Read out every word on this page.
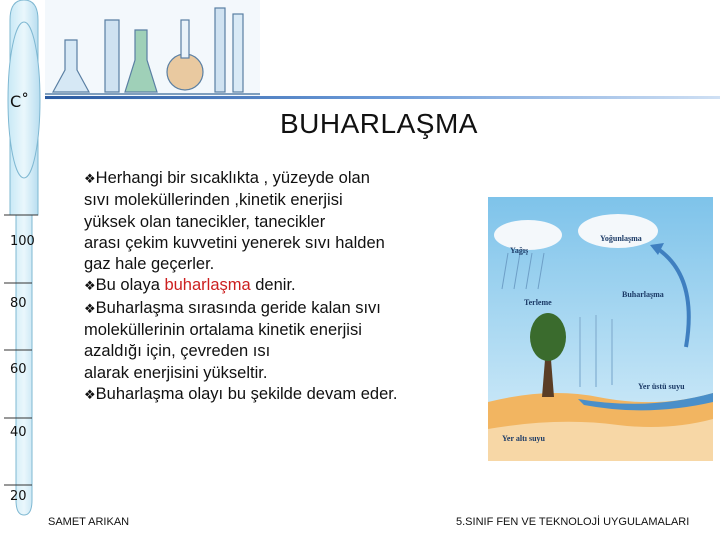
C˚
100
80
60
40
20
BUHARLAŞMA

❖Herhangi bir sıcaklıkta , yüzeyde olan
sıvı moleküllerinden ,kinetik enerjisi
yüksek olan tanecikler, tanecikler
arası çekim kuvvetini yenerek sıvı halden
gaz hale geçerler.

❖Bu olaya buharlaşma denir.

❖Buharlaşma sırasında geride kalan sıvı
moleküllerinin ortalama kinetik enerjisi
azaldığı için, çevreden ısı
alarak enerjisini yükseltir.

❖Buharlaşma olayı bu şekilde devam eder.

Yoğunlaşma
Yağış
Terleme
Buharlaşma
Yer üstü suyu
Yer altı suyu
SAMET ARIKAN	5.SINIF FEN VE TEKNOLOJİ UYGULAMALARI
